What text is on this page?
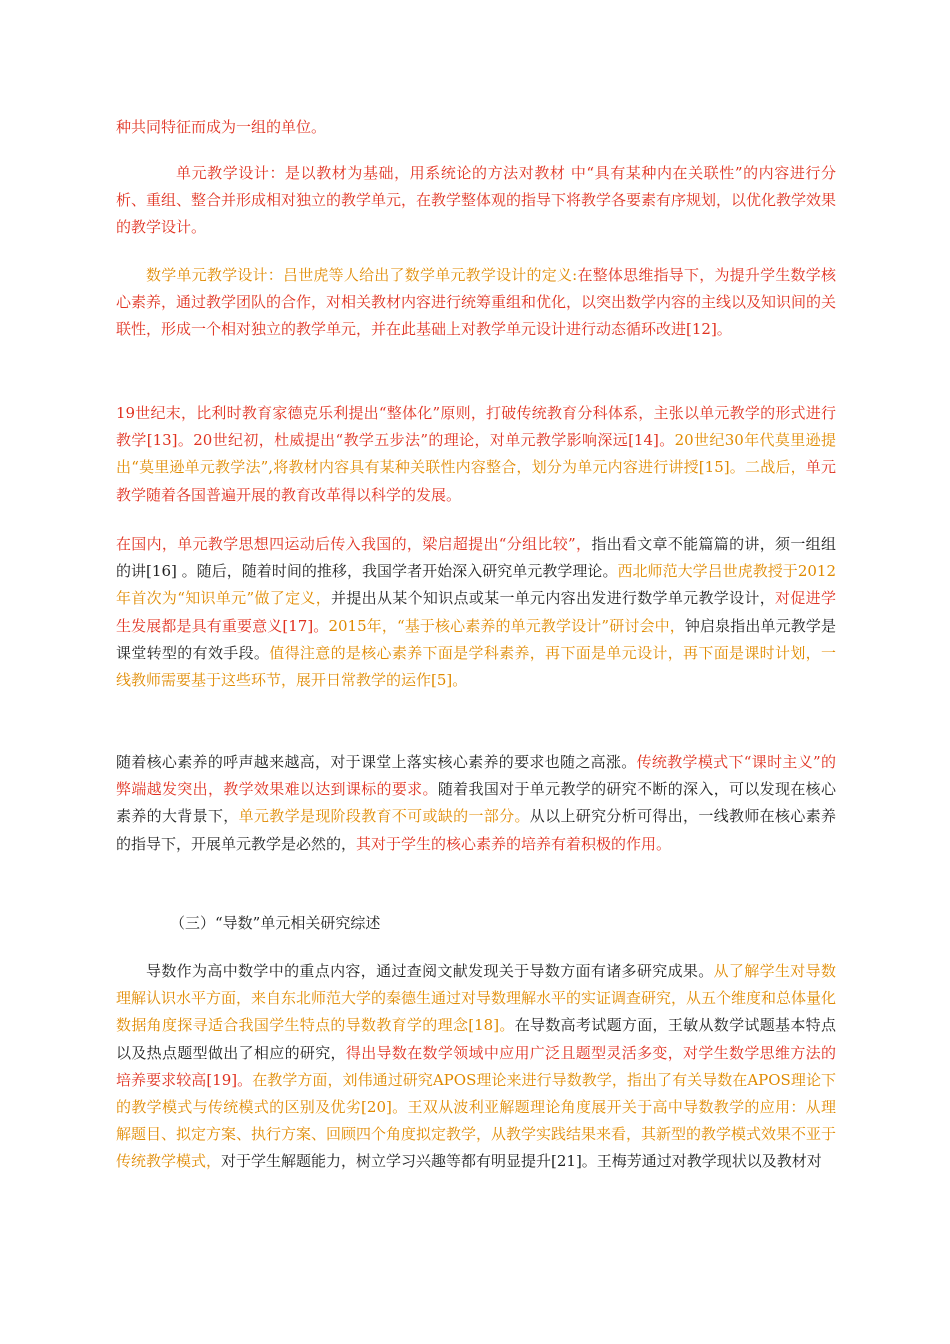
种共同特征而成为一组的单位。

单元教学设计：是以教材为基础，用系统论的方法对教材 中“具有某种内在关联性”的内容进行分析、重组、整合并形成相对独立的教学单元，在教学整体观的指导下将教学各要素有序规划，以优化教学效果的教学设计。

数学单元教学设计：吕世虎等人给出了数学单元教学设计的定义:在整体思维指导下，为提升学生数学核心素养，通过教学团队的合作，对相关教材内容进行统筹重组和优化，以突出数学内容的主线以及知识间的关联性，形成一个相对独立的教学单元，并在此基础上对教学单元设计进行动态循环改进[12]。

19世纪末，比利时教育家德克乐利提出“整体化”原则，打破传统教育分科体系，主张以单元教学的形式进行教学[13]。20世纪初，杜威提出“教学五步法”的理论，对单元教学影响深远[14]。20世纪30年代莫里逊提出“莫里逊单元教学法”,将教材内容具有某种关联性内容整合，划分为单元内容进行讲授[15]。二战后，单元教学随着各国普遍开展的教育改革得以科学的发展。

在国内，单元教学思想四运动后传入我国的，梁启超提出“分组比较”，指出看文章不能篇篇的讲，须一组组的讲[16] 。随后，随着时间的推移，我国学者开始深入研究单元教学理论。西北师范大学吕世虎教授于2012年首次为“知识单元”做了定义，并提出从某个知识点或某一单元内容出发进行数学单元教学设计，对促进学生发展都是具有重要意义[17]。2015年，“基于核心素养的单元教学设计”研讨会中，钟启泉指出单元教学是课堂转型的有效手段。值得注意的是核心素养下面是学科素养，再下面是单元设计，再下面是课时计划，一线教师需要基于这些环节，展开日常教学的运作[5]。

随着核心素养的呼声越来越高，对于课堂上落实核心素养的要求也随之高涨。传统教学模式下“课时主义”的弊端越发突出，教学效果难以达到课标的要求。随着我国对于单元教学的研究不断的深入，可以发现在核心素养的大背景下，单元教学是现阶段教育不可或缺的一部分。从以上研究分析可得出，一线教师在核心素养的指导下，开展单元教学是必然的，其对于学生的核心素养的培养有着积极的作用。

（三）“导数”单元相关研究综述

导数作为高中数学中的重点内容，通过查阅文献发现关于导数方面有诸多研究成果。从了解学生对导数理解认识水平方面，来自东北师范大学的秦德生通过对导数理解水平的实证调查研究，从五个维度和总体量化数据角度探寻适合我国学生特点的导数教育学的理念[18]。在导数高考试题方面，王敏从数学试题基本特点以及热点题型做出了相应的研究，得出导数在数学领域中应用广泛且题型灵活多变，对学生数学思维方法的培养要求较高[19]。在教学方面，刘伟通过研究APOS理论来进行导数教学，指出了有关导数在APOS理论下的教学模式与传统模式的区别及优劣[20]。王双从波利亚解题理论角度展开关于高中导数教学的应用：从理解题目、拟定方案、执行方案、回顾四个角度拟定教学，从教学实践结果来看，其新型的教学模式效果不亚于传统教学模式，对于学生解题能力，树立学习兴趣等都有明显提升[21]。王梅芳通过对教学现状以及教材对
